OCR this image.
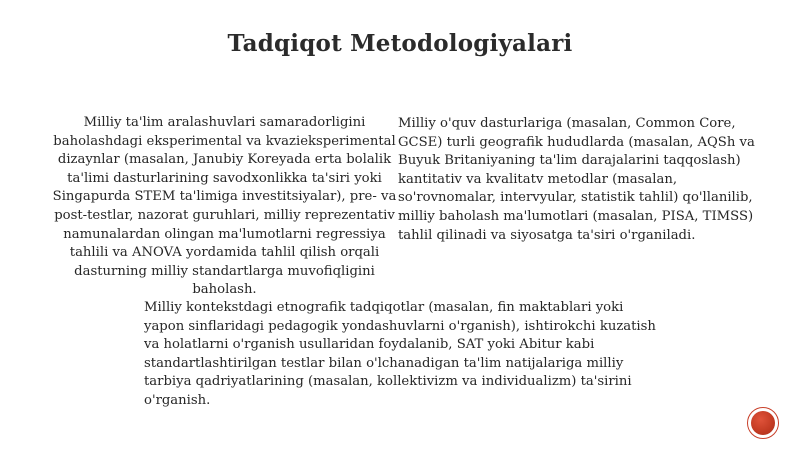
Tadqiqot Metodologiyalari

Milliy ta'lim aralashuvlari samaradorligini baholashdagi eksperimental va kvazieksperimental dizaynlar (masalan, Janubiy Koreyada erta bolalik ta'limi dasturlarining savodxonlikka ta'siri yoki Singapurda STEM ta'limiga investitsiyalar), pre- va post-testlar, nazorat guruhlari, milliy reprezentativ namunalardan olingan ma'lumotlarni regressiya tahlili va ANOVA yordamida tahlil qilish orqali dasturning milliy standartlarga muvofiqligini baholash.

Milliy o'quv dasturlariga (masalan, Common Core, GCSE) turli geografik hududlarda (masalan, AQSh va Buyuk Britaniyaning ta'lim darajalarini taqqoslash) kantitativ va kvalitatv metodlar (masalan, so'rovnomalar, intervyular, statistik tahlil) qo'llanilib, milliy baholash ma'lumotlari (masalan, PISA, TIMSS) tahlil qilinadi va siyosatga ta'siri o'rganiladi.

Milliy kontekstdagi etnografik tadqiqotlar (masalan, fin maktablari yoki yapon sinflaridagi pedagogik yondashuvlarni o'rganish), ishtirokchi kuzatish va holatlarni o'rganish usullaridan foydalanib, SAT yoki Abitur kabi standartlashtirilgan testlar bilan o'lchanadigan ta'lim natijalariga milliy tarbiya qadriyatlarining (masalan, kollektivizm va individualizm) ta'sirini o'rganish.
